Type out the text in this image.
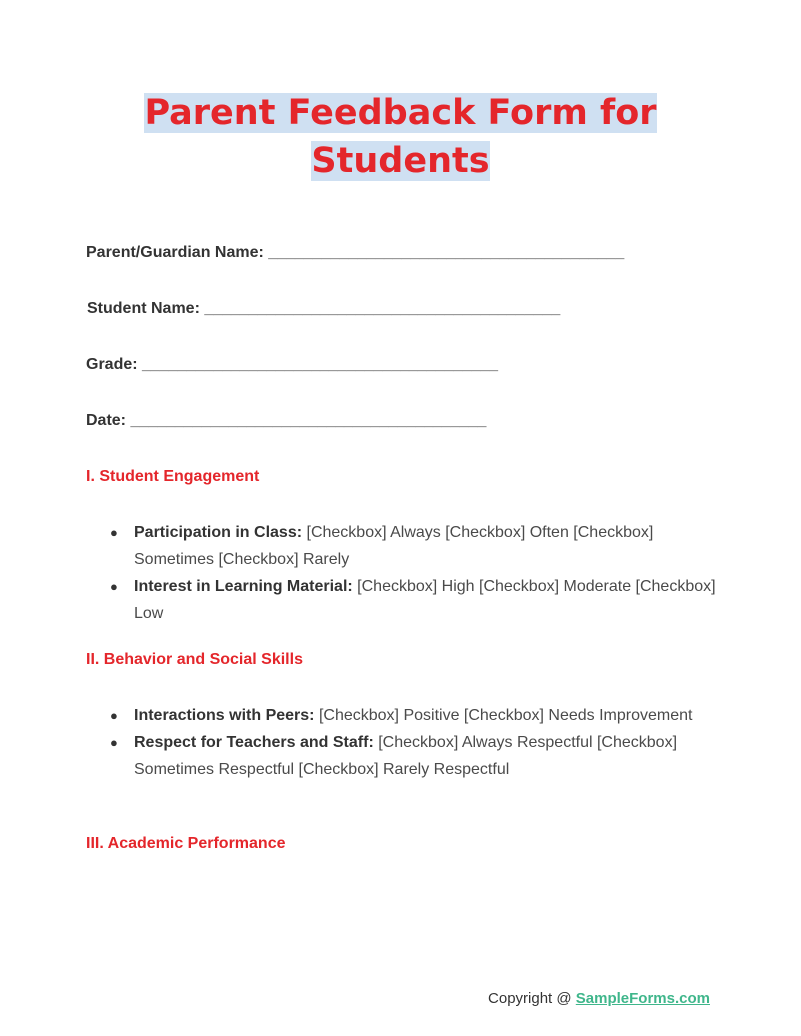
Parent Feedback Form for
Students
Parent/Guardian Name: ________________________________________
Student Name: ________________________________________
Grade: ________________________________________
Date: ________________________________________
I. Student Engagement
● Participation in Class: [Checkbox] Always [Checkbox] Often [Checkbox] Sometimes [Checkbox] Rarely
● Interest in Learning Material: [Checkbox] High [Checkbox] Moderate [Checkbox] Low
II. Behavior and Social Skills
● Interactions with Peers: [Checkbox] Positive [Checkbox] Needs Improvement
● Respect for Teachers and Staff: [Checkbox] Always Respectful [Checkbox] Sometimes Respectful [Checkbox] Rarely Respectful
III. Academic Performance
Copyright @ SampleForms.com
